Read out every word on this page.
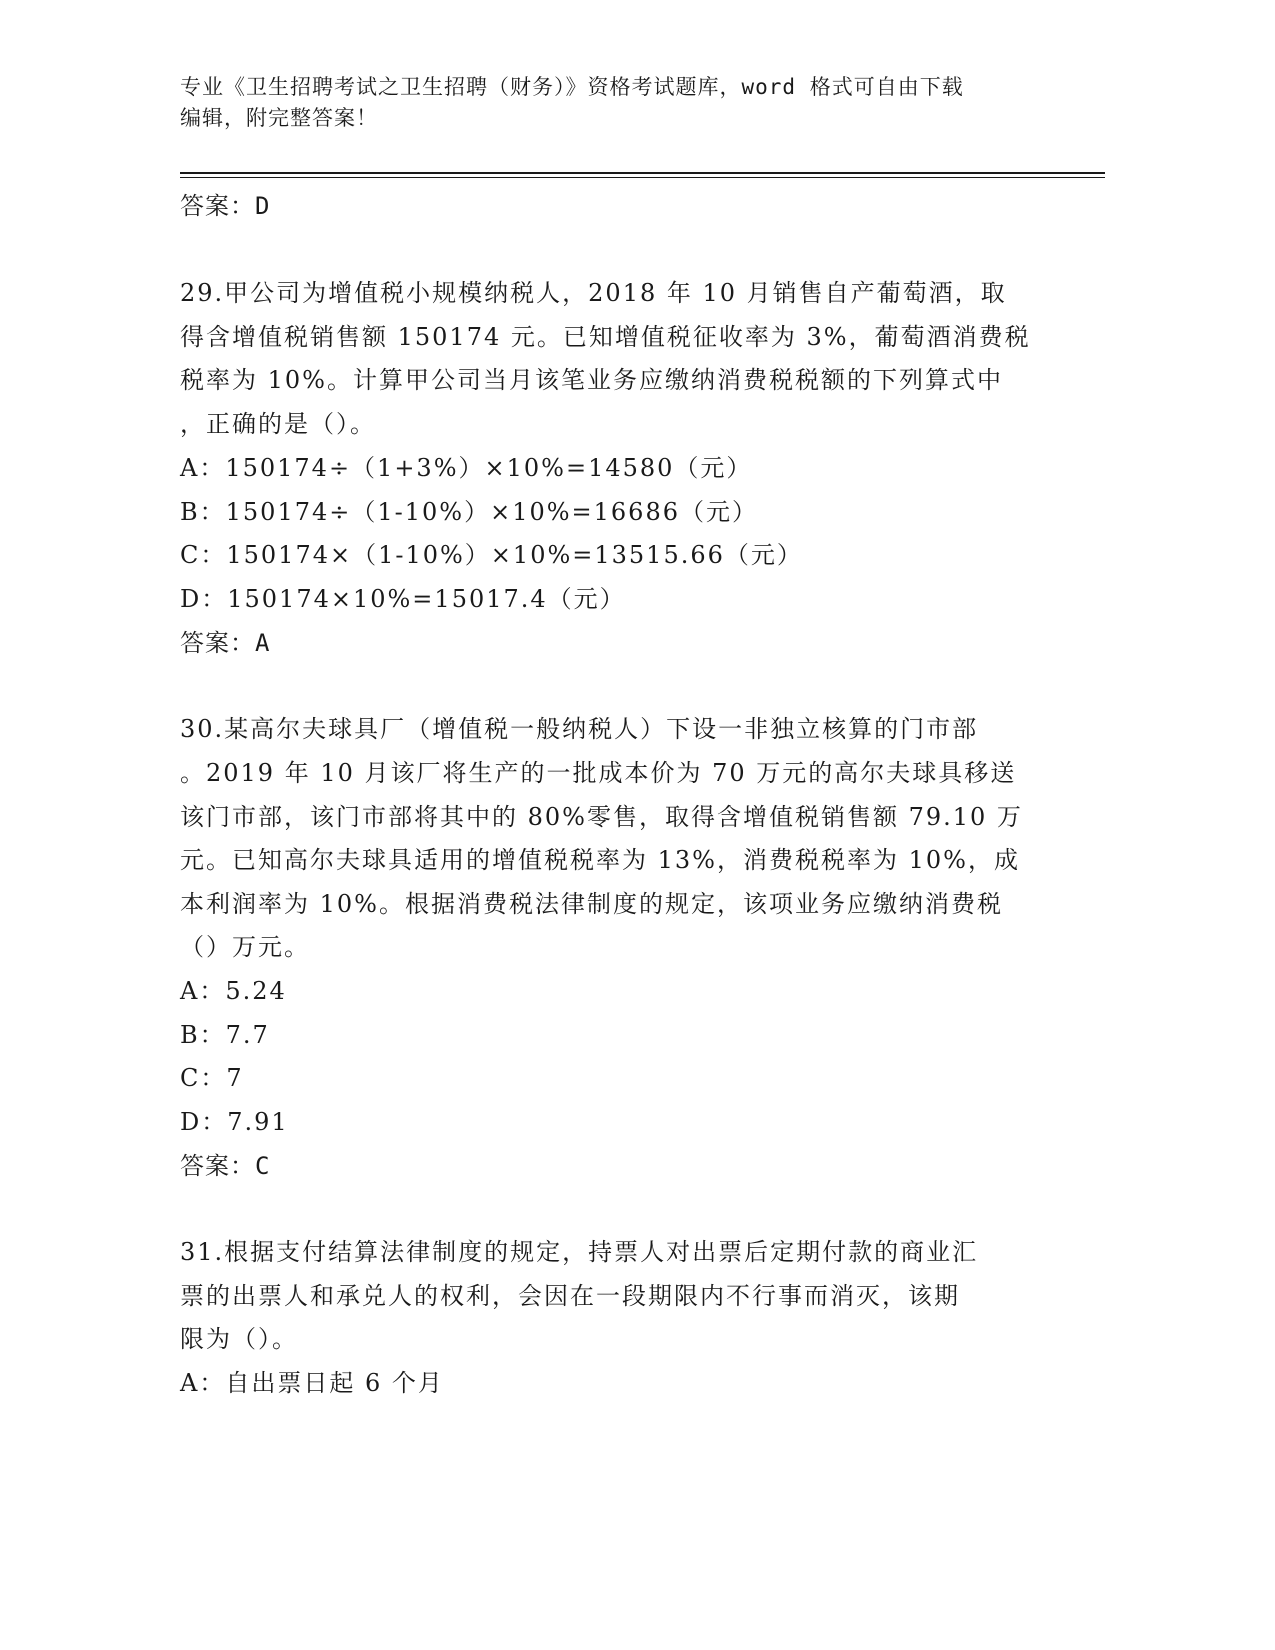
专业《卫生招聘考试之卫生招聘（财务）》资格考试题库，word 格式可自由下载
编辑，附完整答案！
答案：D
29.甲公司为增值税小规模纳税人，2018 年 10 月销售自产葡萄酒，取
得含增值税销售额 150174 元。已知增值税征收率为 3%，葡萄酒消费税
税率为 10%。计算甲公司当月该笔业务应缴纳消费税税额的下列算式中
，正确的是（）。
A：150174÷（1+3%）×10%=14580（元）
B：150174÷（1-10%）×10%=16686（元）
C：150174×（1-10%）×10%=13515.66（元）
D：150174×10%=15017.4（元）
答案：A
30.某高尔夫球具厂（增值税一般纳税人）下设一非独立核算的门市部
。2019 年 10 月该厂将生产的一批成本价为 70 万元的高尔夫球具移送
该门市部，该门市部将其中的 80%零售，取得含增值税销售额 79.10 万
元。已知高尔夫球具适用的增值税税率为 13%，消费税税率为 10%，成
本利润率为 10%。根据消费税法律制度的规定，该项业务应缴纳消费税
（）万元。
A：5.24
B：7.7
C：7
D：7.91
答案：C
31.根据支付结算法律制度的规定，持票人对出票后定期付款的商业汇
票的出票人和承兑人的权利，会因在一段期限内不行事而消灭，该期
限为（）。
A：自出票日起 6 个月
